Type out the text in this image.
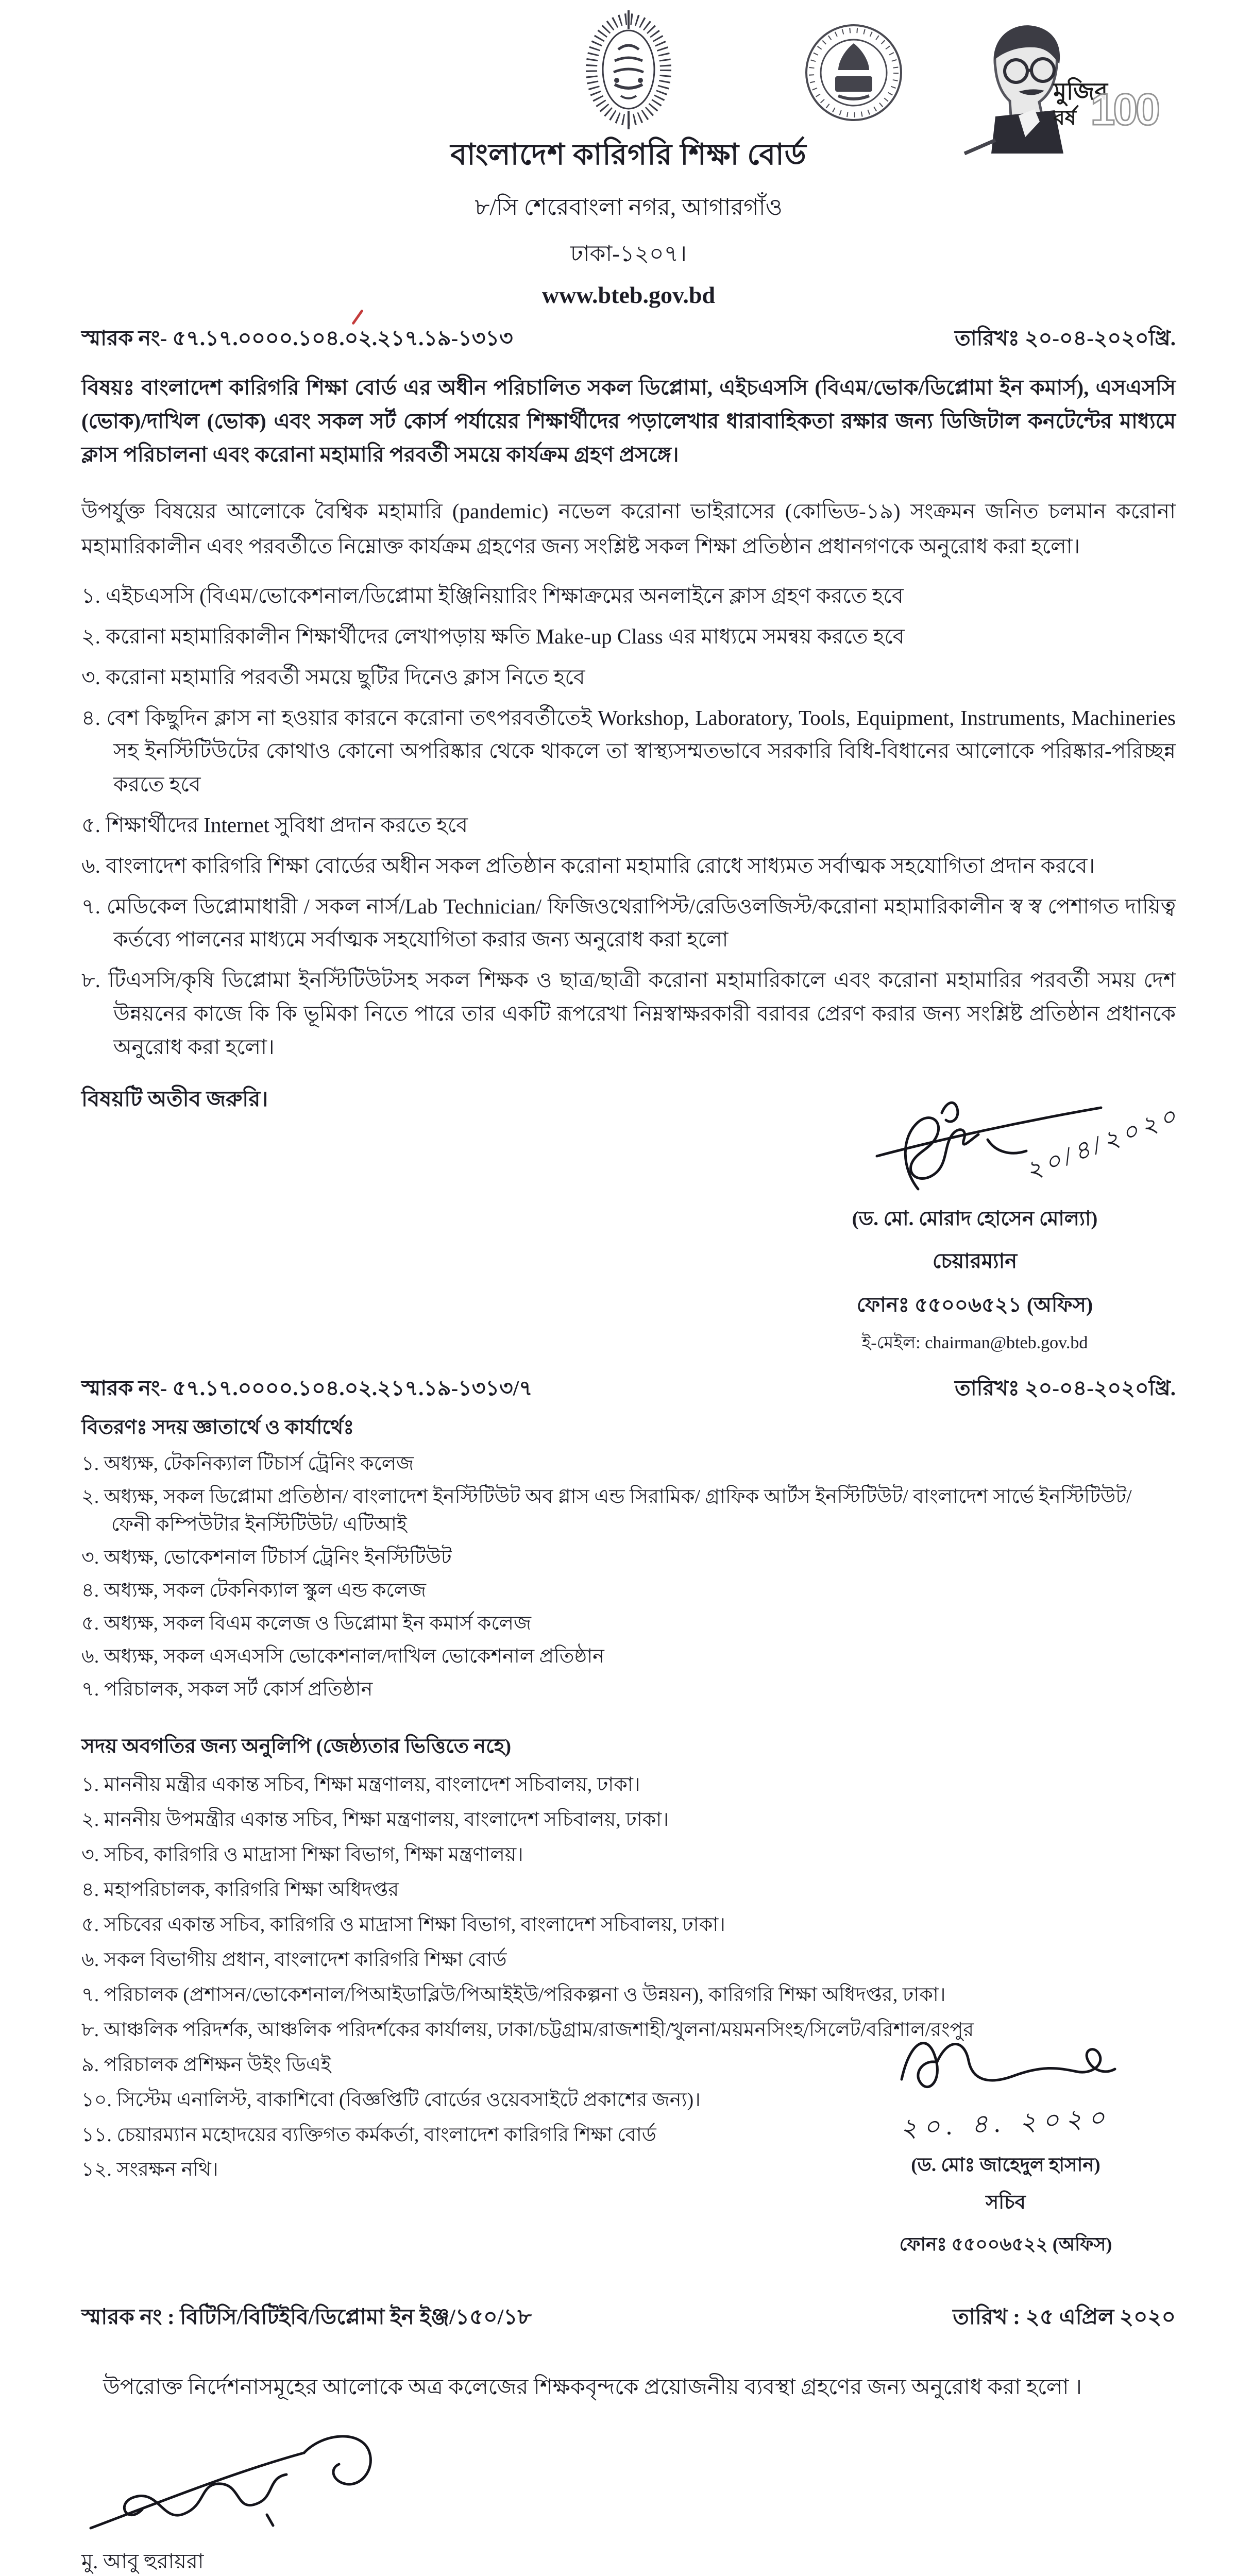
মুজিব
বর্ষ 100
বাংলাদেশ কারিগরি শিক্ষা বোর্ড
৮/সি শেরেবাংলা নগর, আগারগাঁও
ঢাকা-১২০৭।
www.bteb.gov.bd
স্মারক নং- ৫৭.১৭.০০০০.১০৪.০২.২১৭.১৯-১৩১৩	তারিখঃ ২০-০৪-২০২০খ্রি.
বিষয়ঃ বাংলাদেশ কারিগরি শিক্ষা বোর্ড এর অধীন পরিচালিত সকল ডিপ্লোমা, এইচএসসি (বিএম/ভোক/ডিপ্লোমা ইন কমার্স), এসএসসি (ভোক)/দাখিল (ভোক) এবং সকল সর্ট কোর্স পর্যায়ের শিক্ষার্থীদের পড়ালেখার ধারাবাহিকতা রক্ষার জন্য ডিজিটাল কনটেন্টের মাধ্যমে ক্লাস পরিচালনা এবং করোনা মহামারি পরবর্তী সময়ে কার্যক্রম গ্রহণ প্রসঙ্গে।
উপর্যুক্ত বিষয়ের আলোকে বৈশ্বিক মহামারি (pandemic) নভেল করোনা ভাইরাসের (কোভিড-১৯) সংক্রমন জনিত চলমান করোনা মহামারিকালীন এবং পরবর্তীতে নিম্নোক্ত কার্যক্রম গ্রহণের জন্য সংশ্লিষ্ট সকল শিক্ষা প্রতিষ্ঠান প্রধানগণকে অনুরোধ করা হলো।
১. এইচএসসি (বিএম/ভোকেশনাল/ডিপ্লোমা ইঞ্জিনিয়ারিং শিক্ষাক্রমের অনলাইনে ক্লাস গ্রহণ করতে হবে
২. করোনা মহামারিকালীন শিক্ষার্থীদের লেখাপড়ায় ক্ষতি Make-up Class এর মাধ্যমে সমন্বয় করতে হবে
৩. করোনা মহামারি পরবর্তী সময়ে ছুটির দিনেও ক্লাস নিতে হবে
৪. বেশ কিছুদিন ক্লাস না হওয়ার কারনে করোনা তৎপরবর্তীতেই Workshop, Laboratory, Tools, Equipment, Instruments, Machineries সহ ইনস্টিটিউটের কোথাও কোনো অপরিষ্কার থেকে থাকলে তা স্বাস্থ্যসম্মতভাবে সরকারি বিধি-বিধানের আলোকে পরিষ্কার-পরিচ্ছন্ন করতে হবে
৫. শিক্ষার্থীদের Internet সুবিধা প্রদান করতে হবে
৬. বাংলাদেশ কারিগরি শিক্ষা বোর্ডের অধীন সকল প্রতিষ্ঠান করোনা মহামারি রোধে সাধ্যমত সর্বাত্মক সহযোগিতা প্রদান করবে।
৭. মেডিকেল ডিপ্লোমাধারী / সকল নার্স/Lab Technician/ ফিজিওথেরাপিস্ট/রেডিওলজিস্ট/করোনা মহামারিকালীন স্ব স্ব পেশাগত দায়িত্ব কর্তব্যে পালনের মাধ্যমে সর্বাত্মক সহযোগিতা করার জন্য অনুরোধ করা হলো
৮. টিএসসি/কৃষি ডিপ্লোমা ইনস্টিটিউটসহ সকল শিক্ষক ও ছাত্র/ছাত্রী করোনা মহামারিকালে এবং করোনা মহামারির পরবর্তী সময় দেশ উন্নয়নের কাজে কি কি ভূমিকা নিতে পারে তার একটি রূপরেখা নিম্নস্বাক্ষরকারী বরাবর প্রেরণ করার জন্য সংশ্লিষ্ট প্রতিষ্ঠান প্রধানকে অনুরোধ করা হলো।
বিষয়টি অতীব জরুরি।
২০/৪/২০২০
(ড. মো. মোরাদ হোসেন মোল্যা)
চেয়ারম্যান
ফোনঃ ৫৫০০৬৫২১ (অফিস)
ই-মেইল: chairman@bteb.gov.bd
স্মারক নং- ৫৭.১৭.০০০০.১০৪.০২.২১৭.১৯-১৩১৩/৭	তারিখঃ ২০-০৪-২০২০খ্রি.
বিতরণঃ সদয় জ্ঞাতার্থে ও কার্যার্থেঃ
১. অধ্যক্ষ, টেকনিক্যাল টিচার্স ট্রেনিং কলেজ
২. অধ্যক্ষ, সকল ডিপ্লোমা প্রতিষ্ঠান/ বাংলাদেশ ইনস্টিটিউট অব গ্লাস এন্ড সিরামিক/ গ্রাফিক আর্টস ইনস্টিটিউট/ বাংলাদেশ সার্ভে ইনস্টিটিউট/ ফেনী কম্পিউটার ইনস্টিটিউট/ এটিআই
৩. অধ্যক্ষ, ভোকেশনাল টিচার্স ট্রেনিং ইনস্টিটিউট
৪. অধ্যক্ষ, সকল টেকনিক্যাল স্কুল এন্ড কলেজ
৫. অধ্যক্ষ, সকল বিএম কলেজ ও ডিপ্লোমা ইন কমার্স কলেজ
৬. অধ্যক্ষ, সকল এসএসসি ভোকেশনাল/দাখিল ভোকেশনাল প্রতিষ্ঠান
৭. পরিচালক, সকল সর্ট কোর্স প্রতিষ্ঠান
সদয় অবগতির জন্য অনুলিপি (জেষ্ঠ্যতার ভিত্তিতে নহে)
১. মাননীয় মন্ত্রীর একান্ত সচিব, শিক্ষা মন্ত্রণালয়, বাংলাদেশ সচিবালয়, ঢাকা।
২. মাননীয় উপমন্ত্রীর একান্ত সচিব, শিক্ষা মন্ত্রণালয়, বাংলাদেশ সচিবালয়, ঢাকা।
৩. সচিব, কারিগরি ও মাদ্রাসা শিক্ষা বিভাগ, শিক্ষা মন্ত্রণালয়।
৪. মহাপরিচালক, কারিগরি শিক্ষা অধিদপ্তর
৫. সচিবের একান্ত সচিব, কারিগরি ও মাদ্রাসা শিক্ষা বিভাগ, বাংলাদেশ সচিবালয়, ঢাকা।
৬. সকল বিভাগীয় প্রধান, বাংলাদেশ কারিগরি শিক্ষা বোর্ড
৭. পরিচালক (প্রশাসন/ভোকেশনাল/পিআইডাব্লিউ/পিআইইউ/পরিকল্পনা ও উন্নয়ন), কারিগরি শিক্ষা অধিদপ্তর, ঢাকা।
৮. আঞ্চলিক পরিদর্শক, আঞ্চলিক পরিদর্শকের কার্যালয়, ঢাকা/চট্টগ্রাম/রাজশাহী/খুলনা/ময়মনসিংহ/সিলেট/বরিশাল/রংপুর
৯. পরিচালক প্রশিক্ষন উইং ডিএই
১০. সিস্টেম এনালিস্ট, বাকাশিবো (বিজ্ঞপ্তিটি বোর্ডের ওয়েবসাইটে প্রকাশের জন্য)।
১১. চেয়ারম্যান মহোদয়ের ব্যক্তিগত কর্মকর্তা, বাংলাদেশ কারিগরি শিক্ষা বোর্ড
১২. সংরক্ষন নথি।
২০. ৪. ২০২০
(ড. মোঃ জাহেদুল হাসান)
সচিব
ফোনঃ ৫৫০০৬৫২২ (অফিস)
স্মারক নং : বিটিসি/বিটিইবি/ডিপ্লোমা ইন ইঞ্জ/১৫০/১৮	তারিখ : ২৫ এপ্রিল ২০২০
উপরোক্ত নির্দেশনাসমূহের আলোকে অত্র কলেজের শিক্ষকবৃন্দকে প্রয়োজনীয় ব্যবস্থা গ্রহণের জন্য অনুরোধ করা হলো ।
মু. আবু হুরায়রা
